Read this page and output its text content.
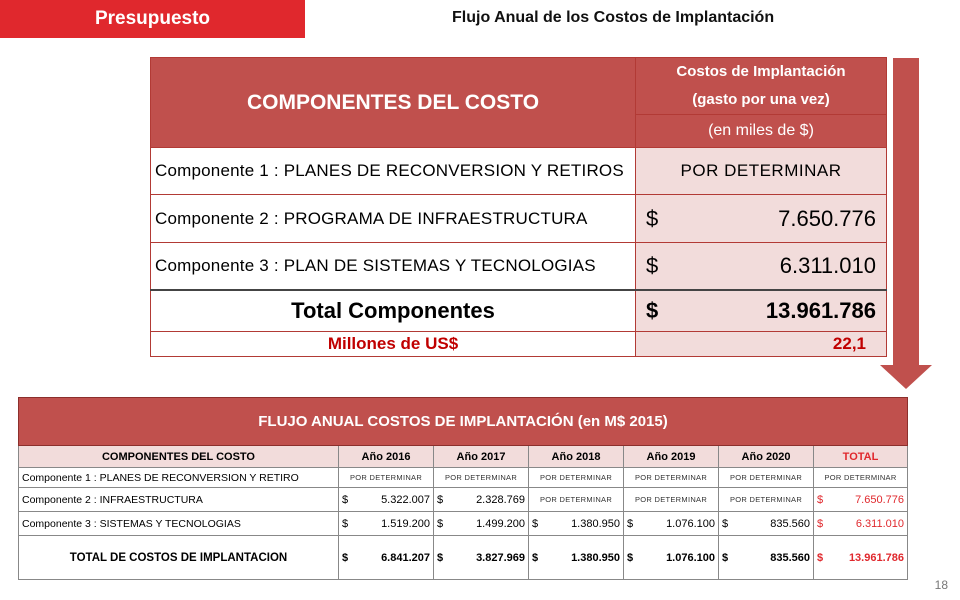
Presupuesto	Flujo Anual de los Costos de Implantación
COMPONENTES DEL COSTO	Costos de Implantación
(gasto por una vez)

	(en miles de $)
Componente 1 : PLANES DE RECONVERSION Y RETIROS	POR DETERMINAR
Componente 2 : PROGRAMA DE INFRAESTRUCTURA	$ 7.650.776

Componente 3 : PLAN DE SISTEMAS Y TECNOLOGIAS	$ 6.311.010

Total Componentes	$ 13.961.786

Millones de US$	22,1
FLUJO ANUAL COSTOS DE IMPLANTACIÓN (en M$ 2015)						
COMPONENTES DEL COSTO	Año 2016	Año 2017	Año 2018	Año 2019	Año 2020	TOTAL
Componente 1 : PLANES DE RECONVERSION Y RETIRO	POR DETERMINAR	POR DETERMINAR	POR DETERMINAR	POR DETERMINAR	POR DETERMINAR	POR DETERMINAR
Componente 2 : INFRAESTRUCTURA	$ 5.322.007	$ 2.328.769	POR DETERMINAR	POR DETERMINAR	POR DETERMINAR	$ 7.650.776

Componente 3 : SISTEMAS Y TECNOLOGIAS	$ 1.519.200	$ 1.499.200	$ 1.380.950	$ 1.076.100	$ 835.560	$ 6.311.010

TOTAL DE COSTOS DE IMPLANTACION	$ 6.841.207	$ 3.827.969	$ 1.380.950	$ 1.076.100	$ 835.560	$ 13.961.786
18
